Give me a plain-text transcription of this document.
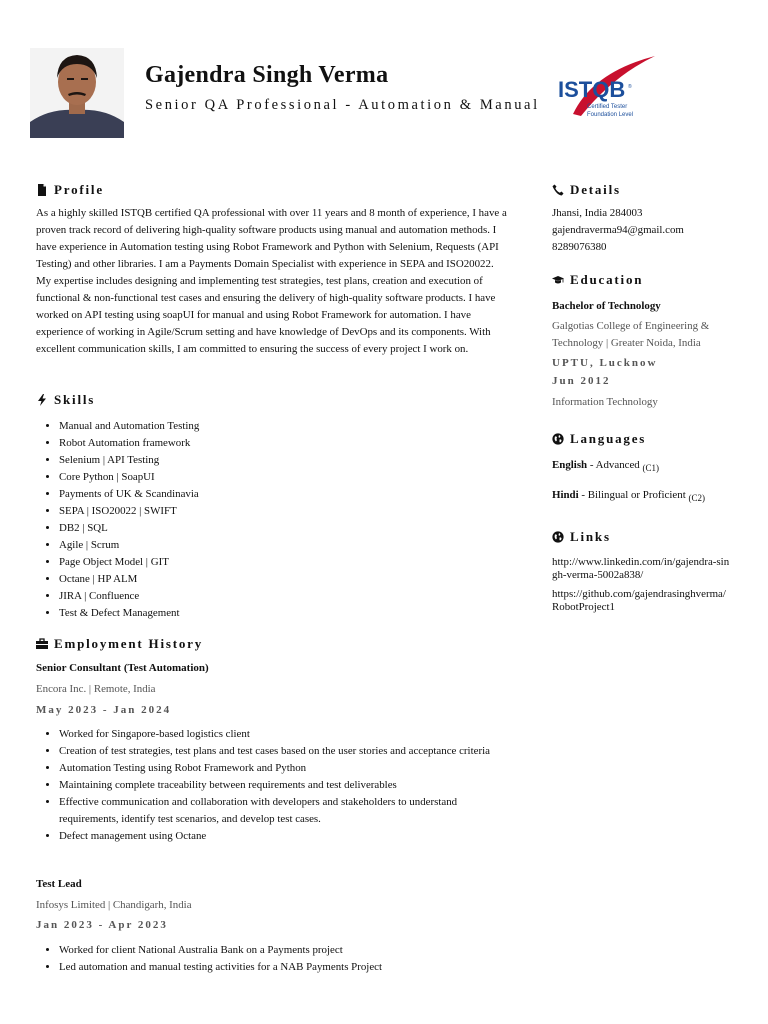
Gajendra Singh Verma
Senior QA Professional - Automation & Manual
ISTQB ®
Certified Tester
Foundation Level
Profile
As a highly skilled ISTQB certified QA professional with over 11 years and 8 month of experience, I have a proven track record of delivering high-quality software products using manual and automation methods. I have experience in Automation testing using Robot Framework and Python with Selenium, Requests (API Testing) and other libraries. I am a Payments Domain Specialist with experience in SEPA and ISO20022. My expertise includes designing and implementing test strategies, test plans, creation and execution of functional & non-functional test cases and ensuring the delivery of high-quality software products. I have worked on API testing using soapUI for manual and using Robot Framework for automation. I have experience of working in Agile/Scrum setting and have knowledge of DevOps and its components. With excellent communication skills, I am committed to ensuring the success of every project I work on.
Skills
• Manual and Automation Testing
• Robot Automation framework
• Selenium | API Testing
• Core Python | SoapUI
• Payments of UK & Scandinavia
• SEPA | ISO20022 | SWIFT
• DB2 | SQL
• Agile | Scrum
• Page Object Model | GIT
• Octane | HP ALM
• JIRA | Confluence
• Test & Defect Management
Employment History
Senior Consultant (Test Automation)
Encora Inc. | Remote, India
May 2023 - Jan 2024
• Worked for Singapore-based logistics client
• Creation of test strategies, test plans and test cases based on the user stories and acceptance criteria
• Automation Testing using Robot Framework and Python
• Maintaining complete traceability between requirements and test deliverables
• Effective communication and collaboration with developers and stakeholders to understand requirements, identify test scenarios, and develop test cases.
• Defect management using Octane
Test Lead
Infosys Limited | Chandigarh, India
Jan 2023 - Apr 2023
• Worked for client National Australia Bank on a Payments project
• Led automation and manual testing activities for a NAB Payments Project
Details
Jhansi, India 284003
gajendraverma94@gmail.com
8289076380
Education
Bachelor of Technology
Galgotias College of Engineering & Technology | Greater Noida, India
UPTU, Lucknow
Jun 2012
Information Technology
Languages
English - Advanced $_{(C1)}$
Hindi - Bilingual or Proficient $_{(C2)}$
Links
http://www.linkedin.com/in/gajendra-singh-verma-5002a838/
https://github.com/gajendrasinghverma/RobotProject1
